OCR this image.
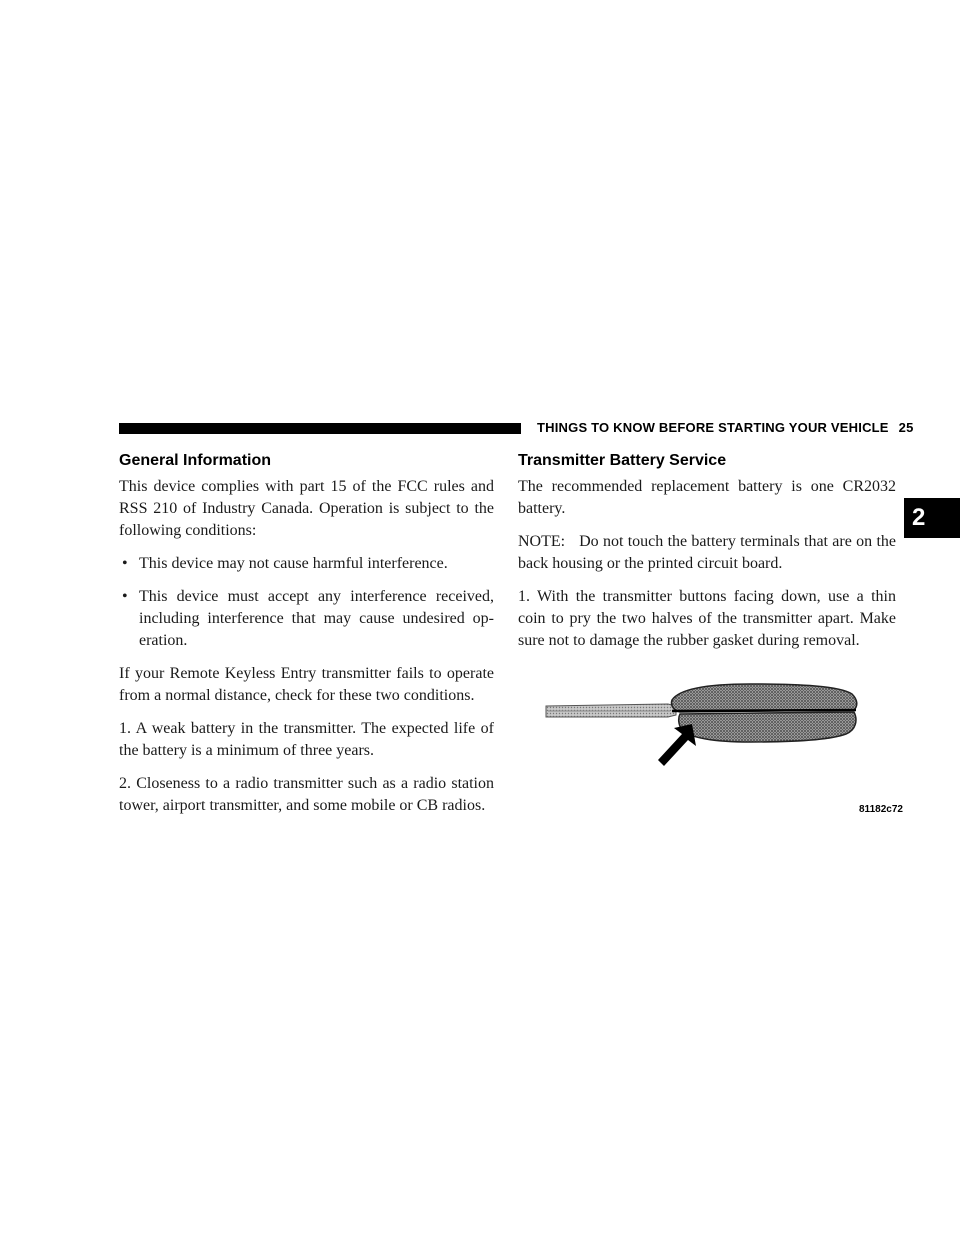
THINGS TO KNOW BEFORE STARTING YOUR VEHICLE 25
2
General Information

This device complies with part 15 of the FCC rules and RSS 210 of Industry Canada. Operation is subject to the following conditions:

• This device may not cause harmful interference.
• This device must accept any interference received, including interference that may cause undesired op-eration.

If your Remote Keyless Entry transmitter fails to operate from a normal distance, check for these two conditions.

1. A weak battery in the transmitter. The expected life of the battery is a minimum of three years.

2. Closeness to a radio transmitter such as a radio station tower, airport transmitter, and some mobile or CB radios.

Transmitter Battery Service

The recommended replacement battery is one CR2032 battery.

NOTE: Do not touch the battery terminals that are on the back housing or the printed circuit board.

1. With the transmitter buttons facing down, use a thin coin to pry the two halves of the transmitter apart. Make sure not to damage the rubber gasket during removal.

81182c72
